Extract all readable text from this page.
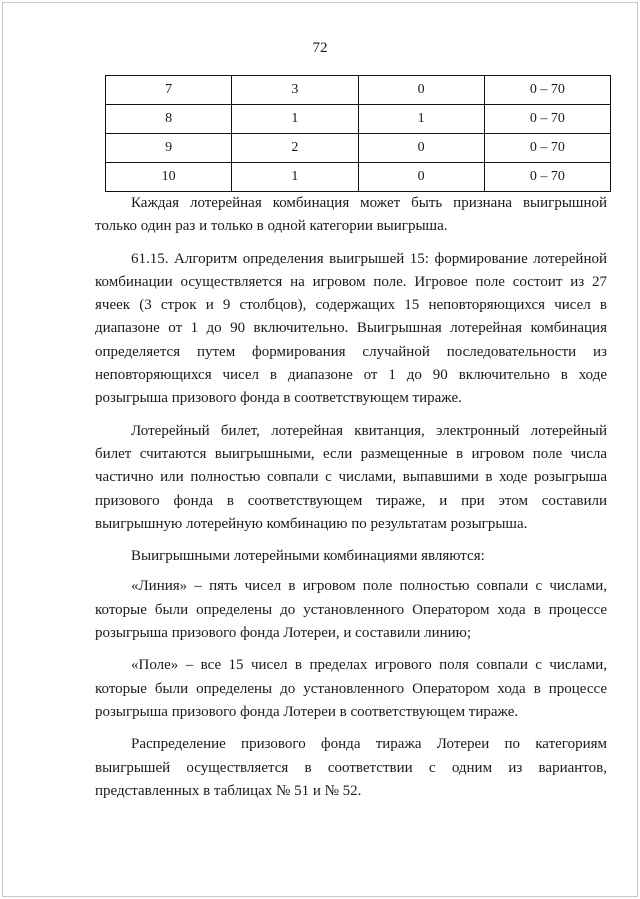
72
7	3	0	0 – 70
8	1	1	0 – 70
9	2	0	0 – 70
10	1	0	0 – 70

Каждая лотерейная комбинация может быть признана выигрышной только один раз и только в одной категории выигрыша.

61.15. Алгоритм определения выигрышей 15: формирование лотерейной комбинации осуществляется на игровом поле. Игровое поле состоит из 27 ячеек (3 строк и 9 столбцов), содержащих 15 неповторяющихся чисел в диапазоне от 1 до 90 включительно. Выигрышная лотерейная комбинация определяется путем формирования случайной последовательности из неповторяющихся чисел в диапазоне от 1 до 90 включительно в ходе розыгрыша призового фонда в соответствующем тираже.

Лотерейный билет, лотерейная квитанция, электронный лотерейный билет считаются выигрышными, если размещенные в игровом поле числа частично или полностью совпали с числами, выпавшими в ходе розыгрыша призового фонда в соответствующем тираже, и при этом составили выигрышную лотерейную комбинацию по результатам розыгрыша.

Выигрышными лотерейными комбинациями являются:

«Линия» – пять чисел в игровом поле полностью совпали с числами, которые были определены до установленного Оператором хода в процессе розыгрыша призового фонда Лотереи, и составили линию;

«Поле» – все 15 чисел в пределах игрового поля совпали с числами, которые были определены до установленного Оператором хода в процессе розыгрыша призового фонда Лотереи в соответствующем тираже.

Распределение призового фонда тиража Лотереи по категориям выигрышей осуществляется в соответствии с одним из вариантов, представленных в таблицах № 51 и № 52.
